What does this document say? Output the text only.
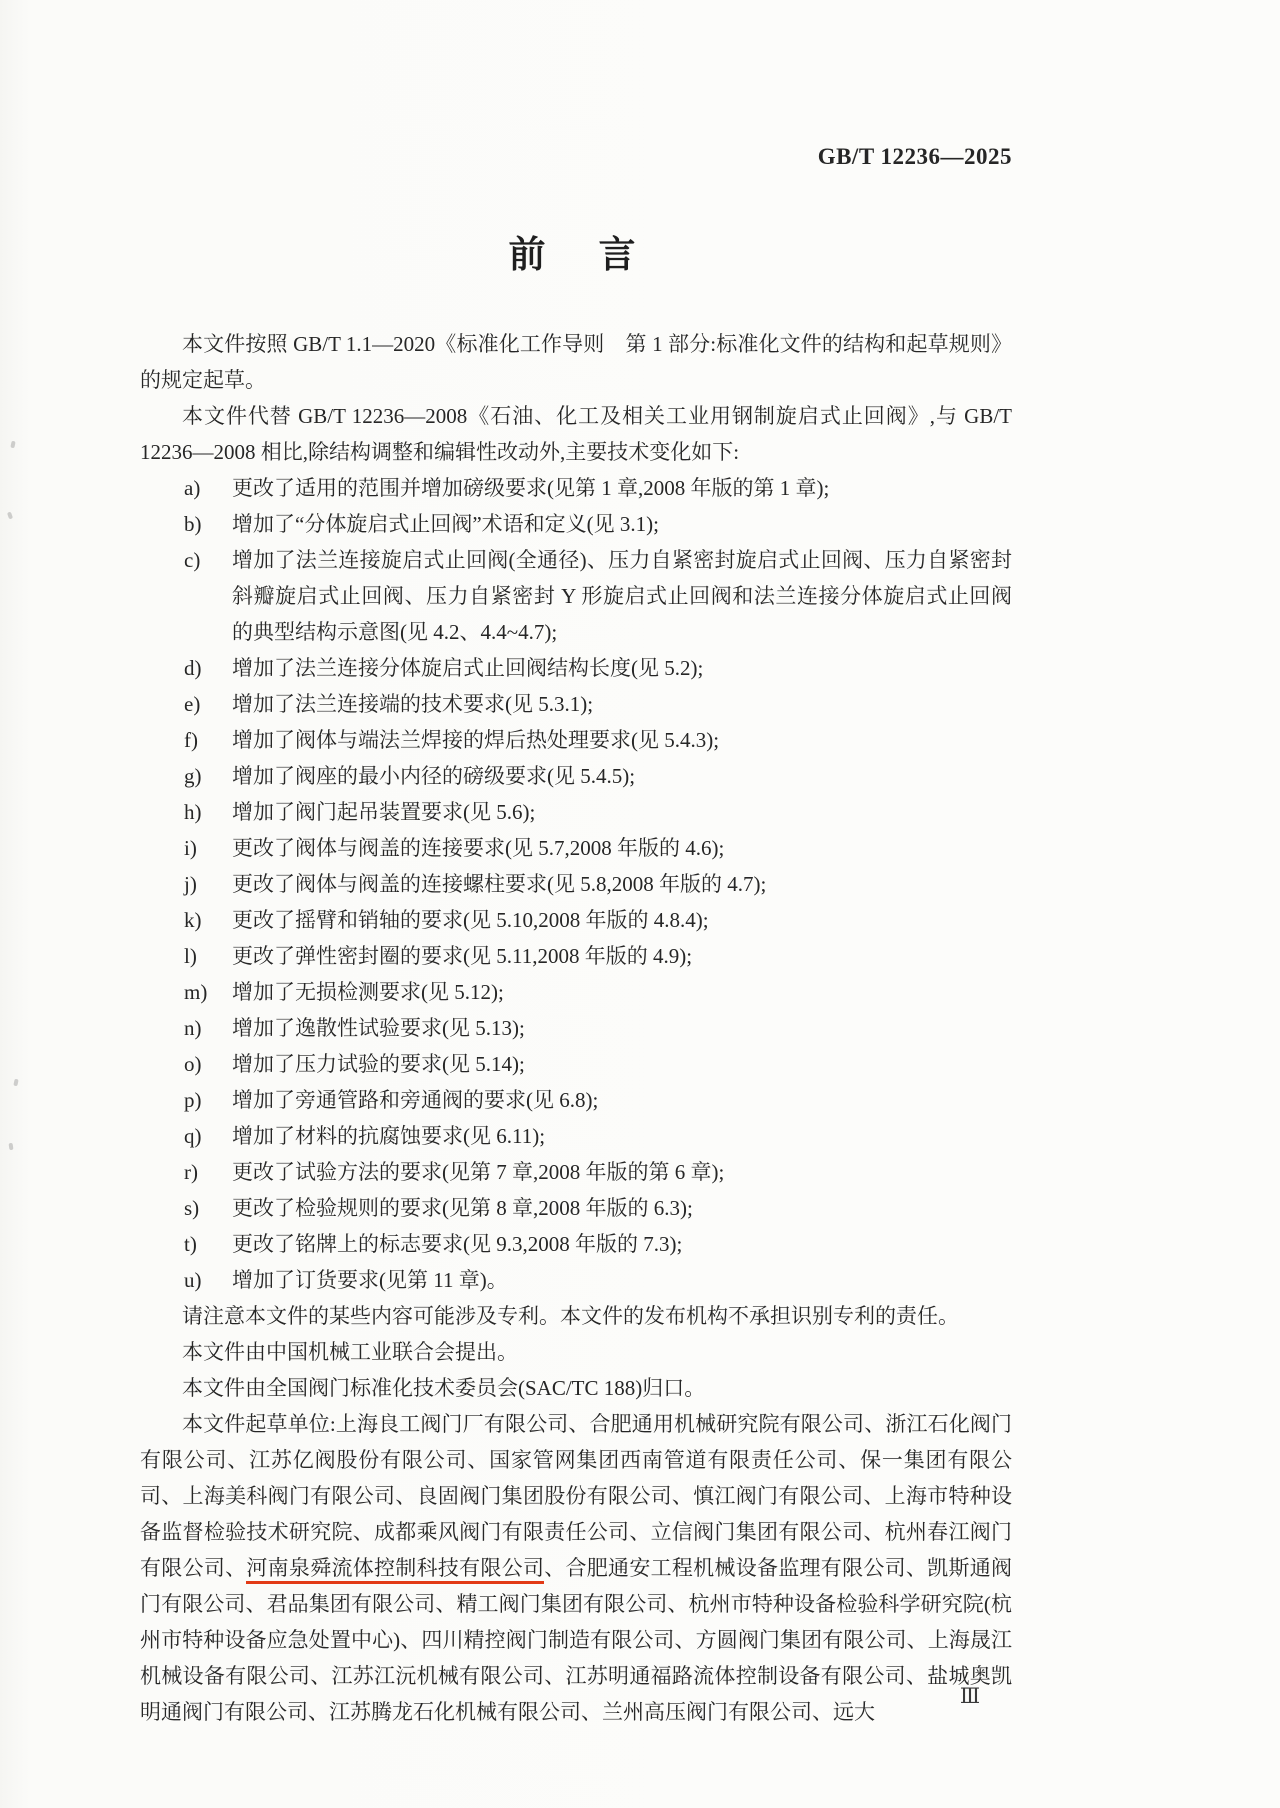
GB/T 12236—2025
前　言

本文件按照 GB/T 1.1—2020《标准化工作导则　第 1 部分:标准化文件的结构和起草规则》的规定起草。

本文件代替 GB/T 12236—2008《石油、化工及相关工业用钢制旋启式止回阀》,与 GB/T 12236—2008 相比,除结构调整和编辑性改动外,主要技术变化如下:

a)	更改了适用的范围并增加磅级要求(见第 1 章,2008 年版的第 1 章);
b)	增加了“分体旋启式止回阀”术语和定义(见 3.1);
c)	增加了法兰连接旋启式止回阀(全通径)、压力自紧密封旋启式止回阀、压力自紧密封斜瓣旋启式止回阀、压力自紧密封 Y 形旋启式止回阀和法兰连接分体旋启式止回阀的典型结构示意图(见 4.2、4.4~4.7);
d)	增加了法兰连接分体旋启式止回阀结构长度(见 5.2);
e)	增加了法兰连接端的技术要求(见 5.3.1);
f)	增加了阀体与端法兰焊接的焊后热处理要求(见 5.4.3);
g)	增加了阀座的最小内径的磅级要求(见 5.4.5);
h)	增加了阀门起吊装置要求(见 5.6);
i)	更改了阀体与阀盖的连接要求(见 5.7,2008 年版的 4.6);
j)	更改了阀体与阀盖的连接螺柱要求(见 5.8,2008 年版的 4.7);
k)	更改了摇臂和销轴的要求(见 5.10,2008 年版的 4.8.4);
l)	更改了弹性密封圈的要求(见 5.11,2008 年版的 4.9);
m)	增加了无损检测要求(见 5.12);
n)	增加了逸散性试验要求(见 5.13);
o)	增加了压力试验的要求(见 5.14);
p)	增加了旁通管路和旁通阀的要求(见 6.8);
q)	增加了材料的抗腐蚀要求(见 6.11);
r)	更改了试验方法的要求(见第 7 章,2008 年版的第 6 章);
s)	更改了检验规则的要求(见第 8 章,2008 年版的 6.3);
t)	更改了铭牌上的标志要求(见 9.3,2008 年版的 7.3);
u)	增加了订货要求(见第 11 章)。

请注意本文件的某些内容可能涉及专利。本文件的发布机构不承担识别专利的责任。

本文件由中国机械工业联合会提出。

本文件由全国阀门标准化技术委员会(SAC/TC 188)归口。

本文件起草单位:上海良工阀门厂有限公司、合肥通用机械研究院有限公司、浙江石化阀门有限公司、江苏亿阀股份有限公司、国家管网集团西南管道有限责任公司、保一集团有限公司、上海美科阀门有限公司、良固阀门集团股份有限公司、慎江阀门有限公司、上海市特种设备监督检验技术研究院、成都乘风阀门有限责任公司、立信阀门集团有限公司、杭州春江阀门有限公司、河南泉舜流体控制科技有限公司、合肥通安工程机械设备监理有限公司、凯斯通阀门有限公司、君品集团有限公司、精工阀门集团有限公司、杭州市特种设备检验科学研究院(杭州市特种设备应急处置中心)、四川精控阀门制造有限公司、方圆阀门集团有限公司、上海晟江机械设备有限公司、江苏江沅机械有限公司、江苏明通福路流体控制设备有限公司、盐城奥凯明通阀门有限公司、江苏腾龙石化机械有限公司、兰州高压阀门有限公司、远大

Ⅲ
